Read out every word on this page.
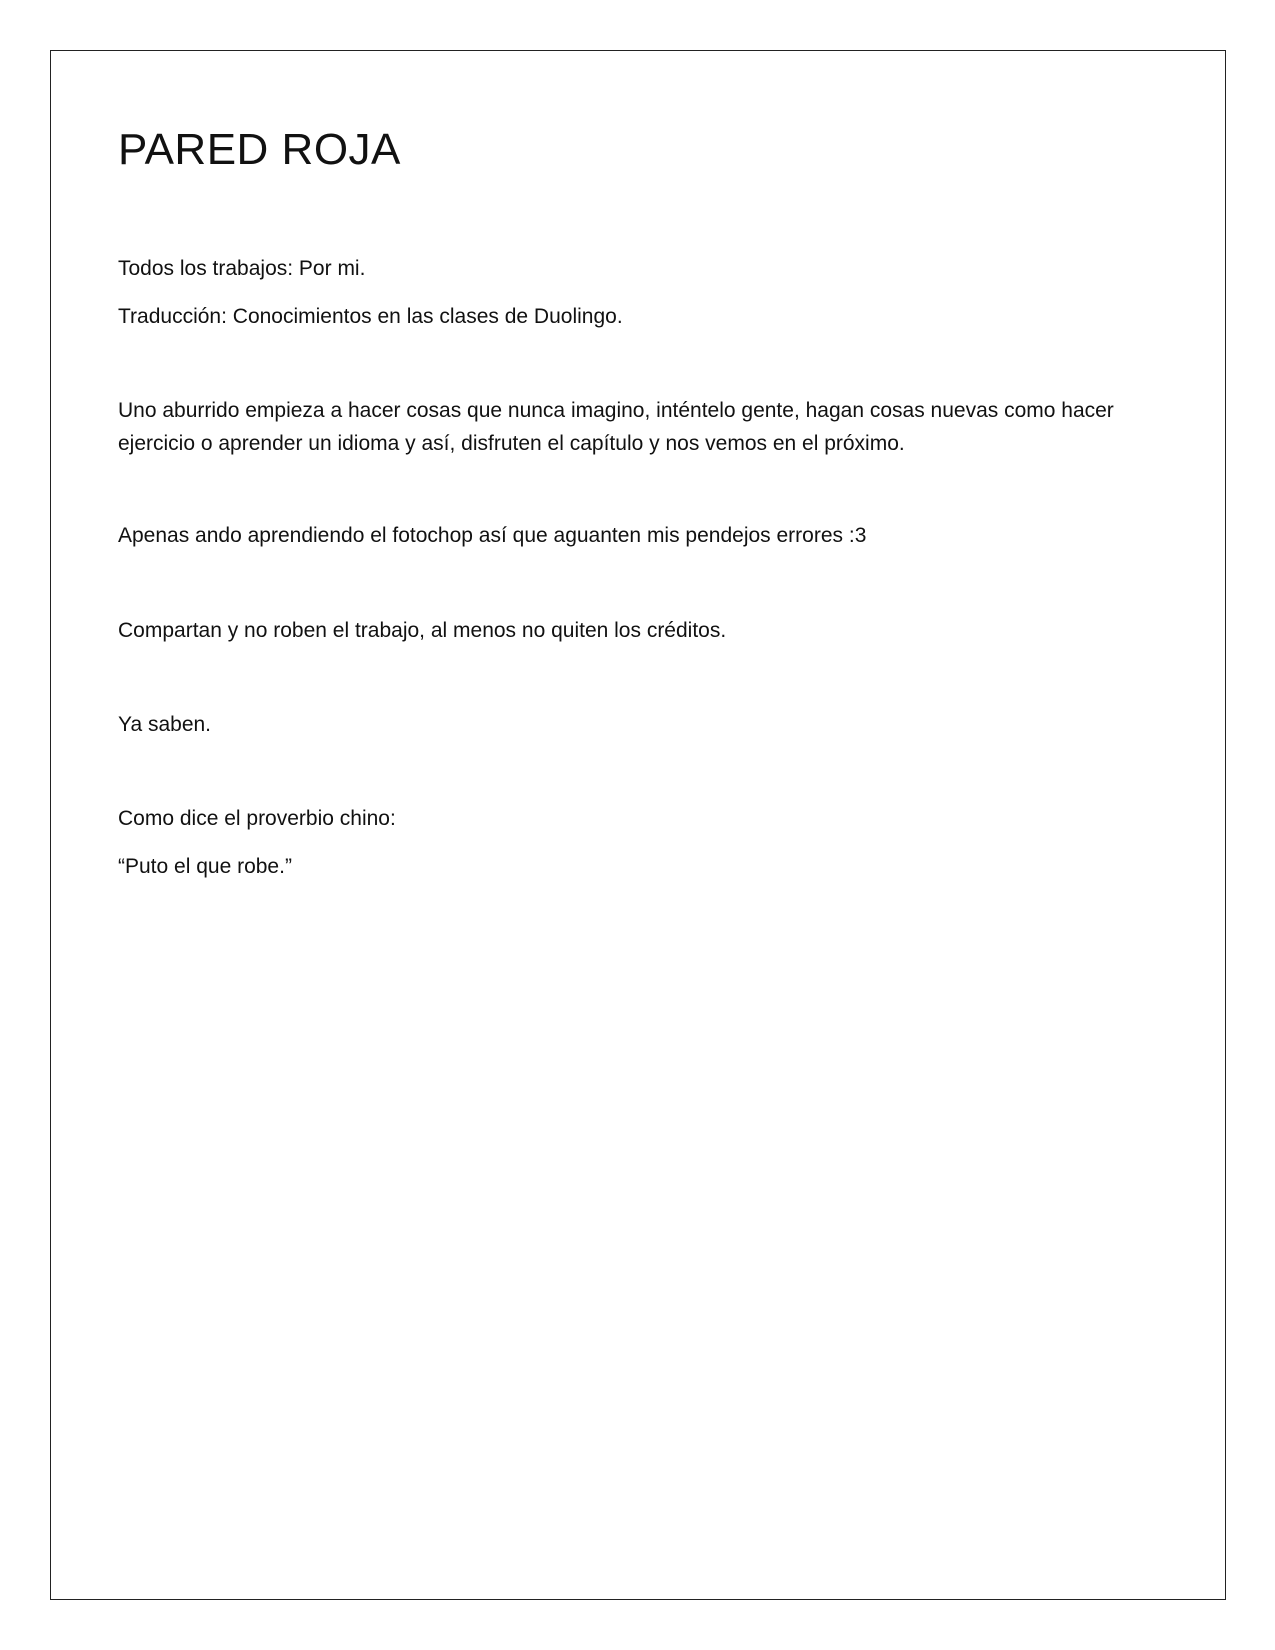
PARED ROJA

Todos los trabajos: Por mi.

Traducción: Conocimientos en las clases de Duolingo.

Uno aburrido empieza a hacer cosas que nunca imagino, inténtelo gente, hagan cosas nuevas como hacer ejercicio o aprender un idioma y así, disfruten el capítulo y nos vemos en el próximo.

Apenas ando aprendiendo el fotochop así que aguanten mis pendejos errores :3

Compartan y no roben el trabajo, al menos no quiten los créditos.

Ya saben.

Como dice el proverbio chino:

“Puto el que robe.”
